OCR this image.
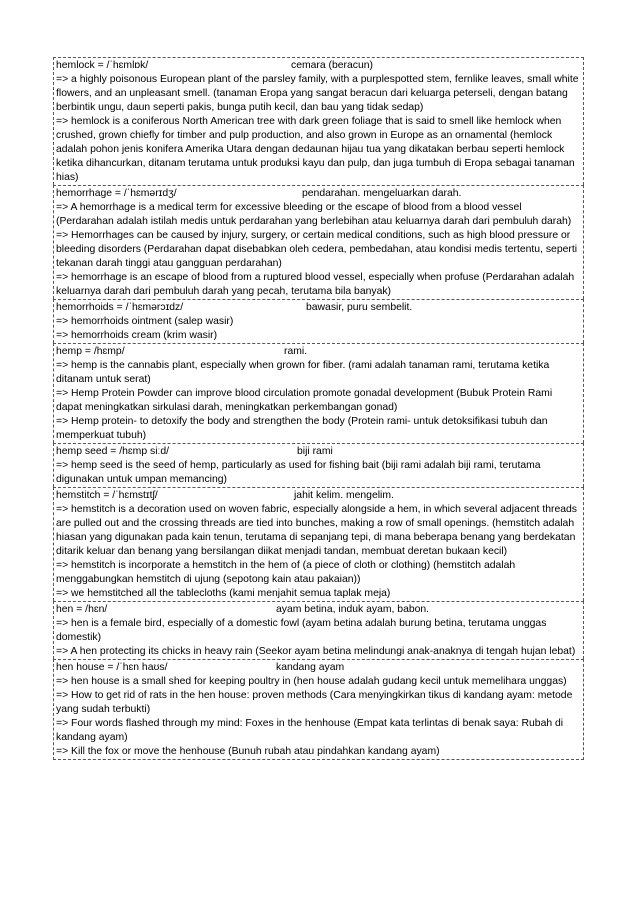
hemlock = /ˈhɛmlɒk/	cemara (beracun)

=> a highly poisonous European plant of the parsley family, with a purplespotted stem, fernlike leaves, small white flowers, and an unpleasant smell. (tanaman Eropa yang sangat beracun dari keluarga peterseli, dengan batang berbintik ungu, daun seperti pakis, bunga putih kecil, dan bau yang tidak sedap)

=> hemlock is a coniferous North American tree with dark green foliage that is said to smell like hemlock when crushed, grown chiefly for timber and pulp production, and also grown in Europe as an ornamental (hemlock adalah pohon jenis konifera Amerika Utara dengan dedaunan hijau tua yang dikatakan berbau seperti hemlock ketika dihancurkan, ditanam terutama untuk produksi kayu dan pulp, dan juga tumbuh di Eropa sebagai tanaman hias)

hemorrhage = /ˈhɛmərɪdʒ/	pendarahan. mengeluarkan darah.

=> A hemorrhage is a medical term for excessive bleeding or the escape of blood from a blood vessel (Perdarahan adalah istilah medis untuk perdarahan yang berlebihan atau keluarnya darah dari pembuluh darah)

=> Hemorrhages can be caused by injury, surgery, or certain medical conditions, such as high blood pressure or bleeding disorders (Perdarahan dapat disebabkan oleh cedera, pembedahan, atau kondisi medis tertentu, seperti tekanan darah tinggi atau gangguan perdarahan)

=> hemorrhage is an escape of blood from a ruptured blood vessel, especially when profuse (Perdarahan adalah keluarnya darah dari pembuluh darah yang pecah, terutama bila banyak)

hemorrhoids = /ˈhɛmərɔɪdz/	bawasir, puru sembelit.

=> hemorrhoids ointment (salep wasir)

=> hemorrhoids cream (krim wasir)

hemp = /hɛmp/	rami.

=> hemp is the cannabis plant, especially when grown for fiber. (rami adalah tanaman rami, terutama ketika ditanam untuk serat)

=> Hemp Protein Powder can improve blood circulation promote gonadal development (Bubuk Protein Rami dapat meningkatkan sirkulasi darah, meningkatkan perkembangan gonad)

=> Hemp protein- to detoxify the body and strengthen the body (Protein rami- untuk detoksifikasi tubuh dan memperkuat tubuh)

hemp seed = /hɛmp siːd/	biji rami

=> hemp seed is the seed of hemp, particularly as used for fishing bait (biji rami adalah biji rami, terutama digunakan untuk umpan memancing)

hemstitch = /ˈhɛmstɪtʃ/	jahit kelim. mengelim.

=> hemstitch is a decoration used on woven fabric, especially alongside a hem, in which several adjacent threads are pulled out and the crossing threads are tied into bunches, making a row of small openings. (hemstitch adalah hiasan yang digunakan pada kain tenun, terutama di sepanjang tepi, di mana beberapa benang yang berdekatan ditarik keluar dan benang yang bersilangan diikat menjadi tandan, membuat deretan bukaan kecil)

=> hemstitch is incorporate a hemstitch in the hem of (a piece of cloth or clothing) (hemstitch adalah menggabungkan hemstitch di ujung (sepotong kain atau pakaian))

=> we hemstitched all the tablecloths (kami menjahit semua taplak meja)

hen = /hɛn/	ayam betina, induk ayam, babon.

=> hen is a female bird, especially of a domestic fowl (ayam betina adalah burung betina, terutama unggas domestik)

=> A hen protecting its chicks in heavy rain (Seekor ayam betina melindungi anak-anaknya di tengah hujan lebat)

hen house = /ˈhɛn haʊs/	kandang ayam

=> hen house is a small shed for keeping poultry in (hen house adalah gudang kecil untuk memelihara unggas)

=> How to get rid of rats in the hen house: proven methods (Cara menyingkirkan tikus di kandang ayam: metode yang sudah terbukti)

=> Four words flashed through my mind: Foxes in the henhouse (Empat kata terlintas di benak saya: Rubah di kandang ayam)

=> Kill the fox or move the henhouse (Bunuh rubah atau pindahkan kandang ayam)
